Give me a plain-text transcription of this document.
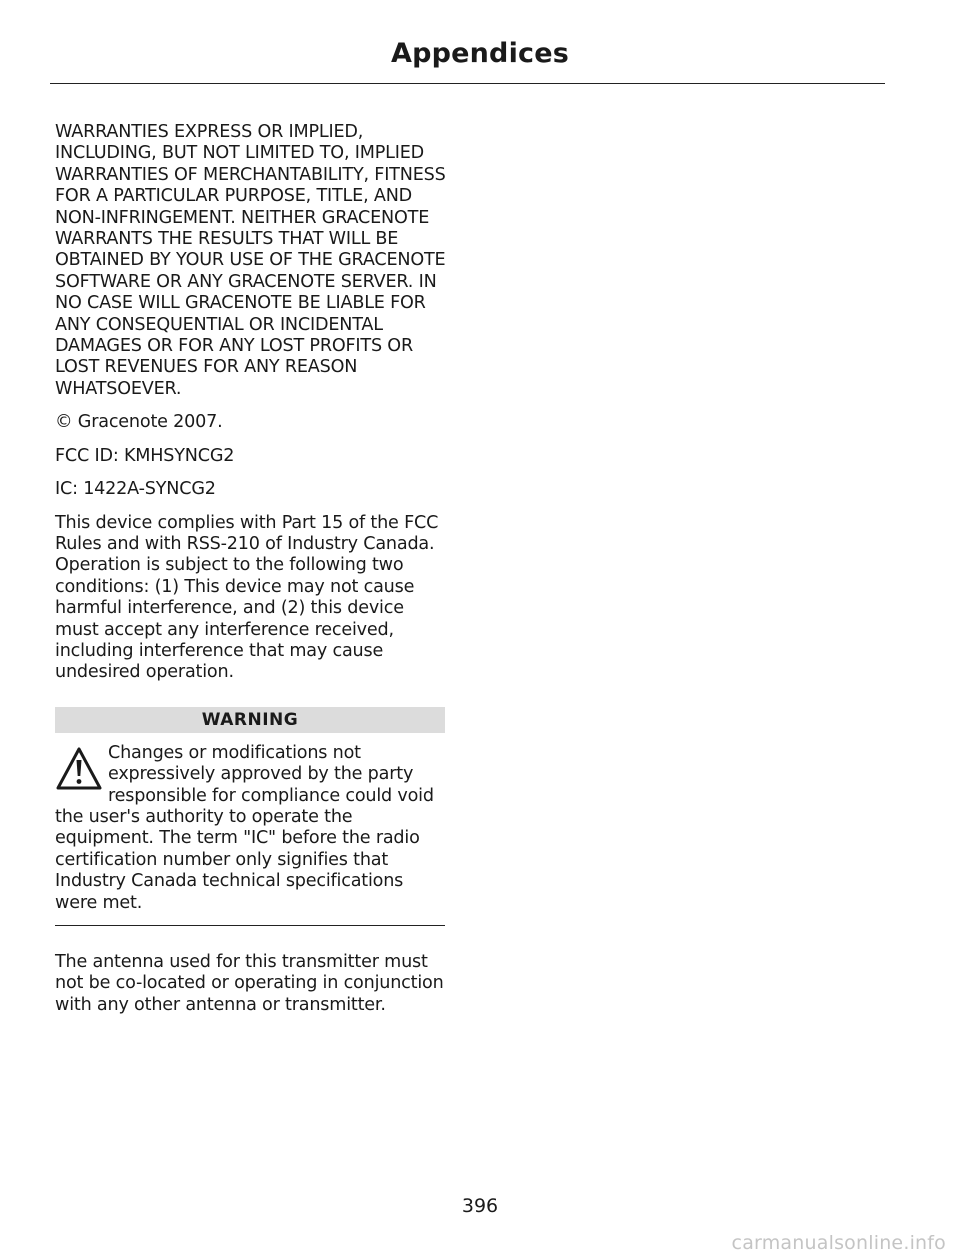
Appendices

WARRANTIES EXPRESS OR IMPLIED, INCLUDING, BUT NOT LIMITED TO, IMPLIED WARRANTIES OF MERCHANTABILITY, FITNESS FOR A PARTICULAR PURPOSE, TITLE, AND NON-INFRINGEMENT. NEITHER GRACENOTE WARRANTS THE RESULTS THAT WILL BE OBTAINED BY YOUR USE OF THE GRACENOTE SOFTWARE OR ANY GRACENOTE SERVER. IN NO CASE WILL GRACENOTE BE LIABLE FOR ANY CONSEQUENTIAL OR INCIDENTAL DAMAGES OR FOR ANY LOST PROFITS OR LOST REVENUES FOR ANY REASON WHATSOEVER.

© Gracenote 2007.

FCC ID: KMHSYNCG2

IC: 1422A-SYNCG2

This device complies with Part 15 of the FCC Rules and with RSS-210 of Industry Canada. Operation is subject to the following two conditions: (1) This device may not cause harmful interference, and (2) this device must accept any interference received, including interference that may cause undesired operation.

WARNING

Changes or modifications not expressively approved by the party responsible for compliance could void the user's authority to operate the equipment. The term "IC" before the radio certification number only signifies that Industry Canada technical specifications were met.

The antenna used for this transmitter must not be co-located or operating in conjunction with any other antenna or transmitter.

396
carmanualsonline.info
